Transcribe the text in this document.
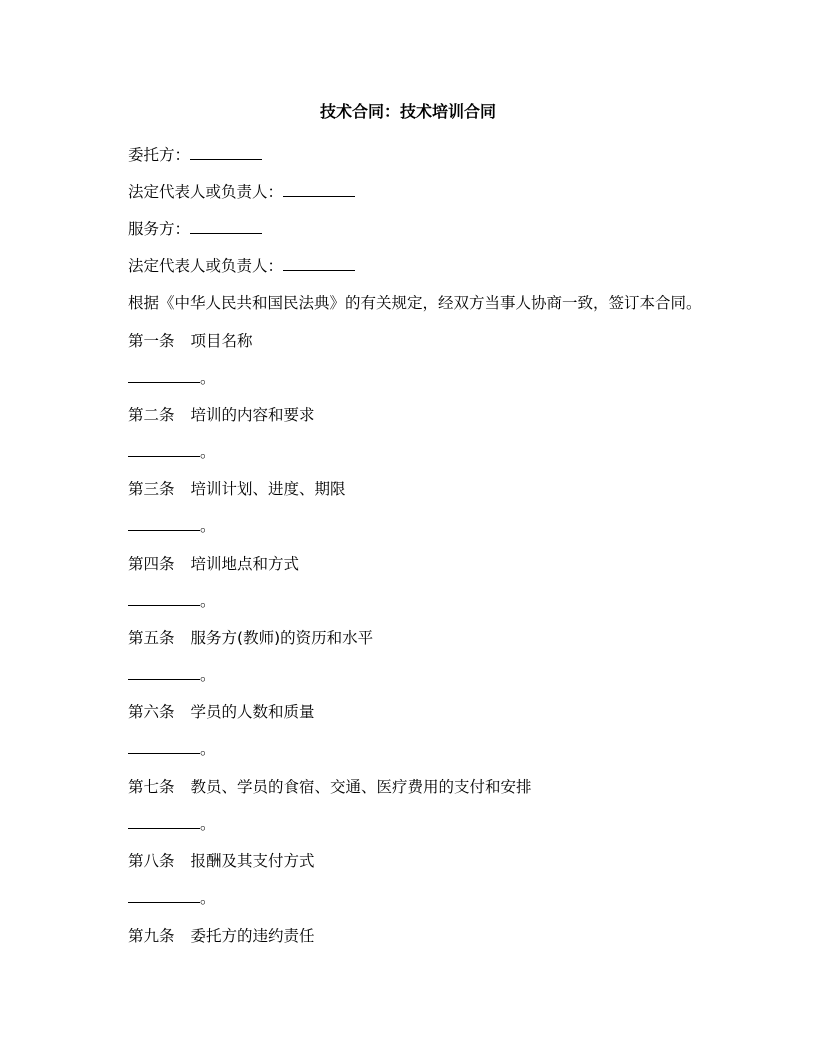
技术合同：技术培训合同
委托方：
法定代表人或负责人：
服务方：
法定代表人或负责人：
根据《中华人民共和国民法典》的有关规定，经双方当事人协商一致，签订本合同。
第一条 项目名称
。
第二条 培训的内容和要求
。
第三条 培训计划、进度、期限
。
第四条 培训地点和方式
。
第五条 服务方(教师)的资历和水平
。
第六条 学员的人数和质量
。
第七条 教员、学员的食宿、交通、医疗费用的支付和安排
。
第八条 报酬及其支付方式
。
第九条 委托方的违约责任
